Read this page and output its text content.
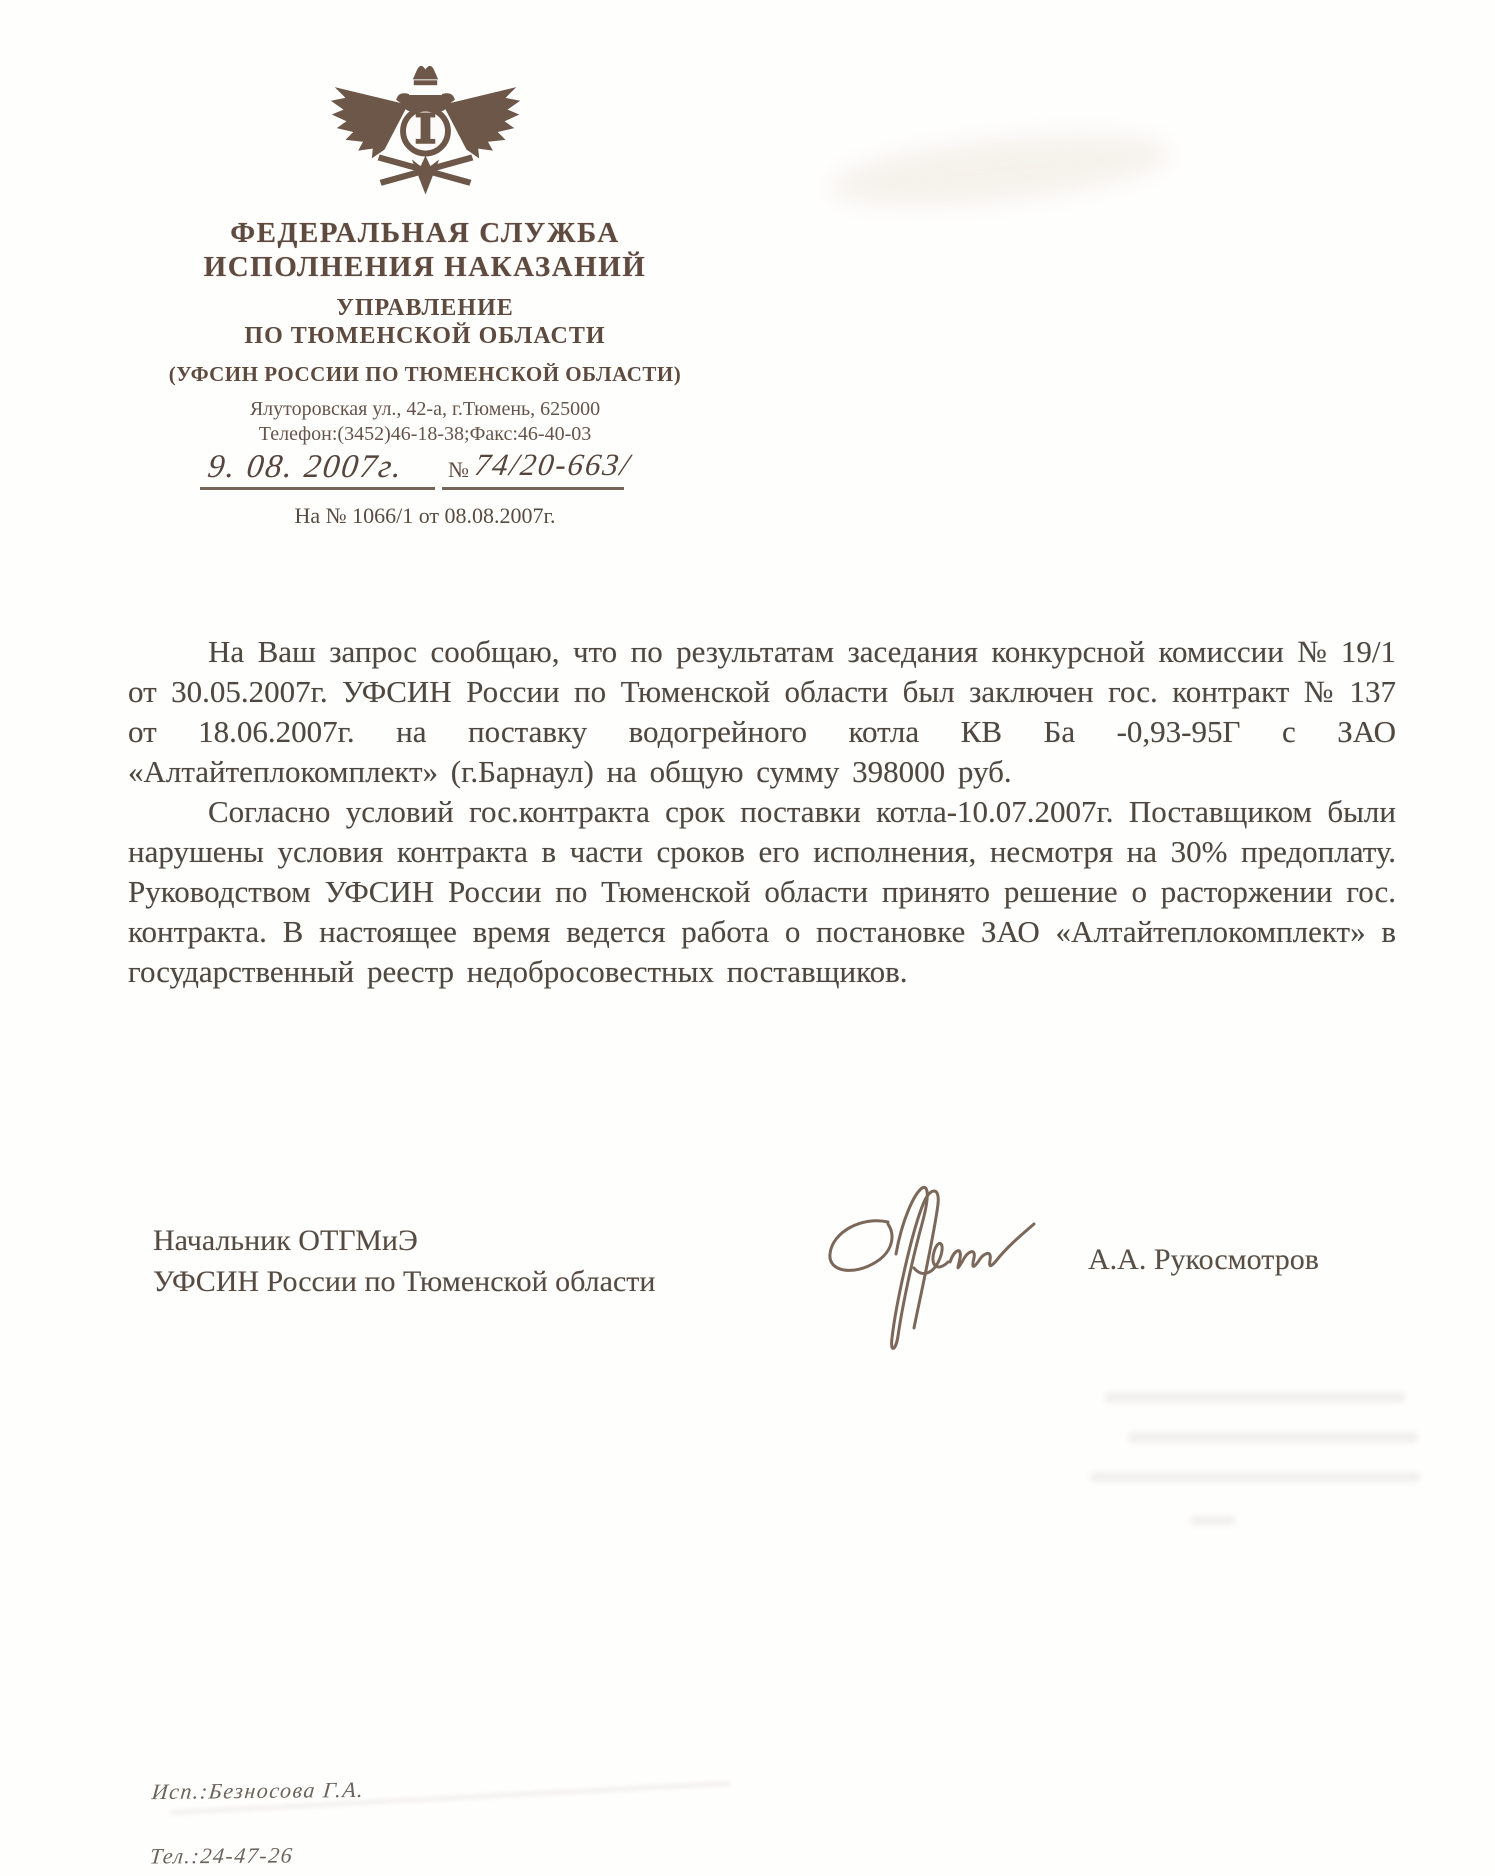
ФЕДЕРАЛЬНАЯ СЛУЖБА
ИСПОЛНЕНИЯ НАКАЗАНИЙ
УПРАВЛЕНИЕ
ПО ТЮМЕНСКОЙ ОБЛАСТИ
(УФСИН РОССИИ ПО ТЮМЕНСКОЙ ОБЛАСТИ)
Ялуторовская ул., 42-а, г.Тюмень, 625000
Телефон:(3452)46-18-38;Факс:46-40-03
9. 08. 2007г. № 74/20-663/
На № 1066/1 от 08.08.2007г.

На Ваш запрос сообщаю, что по результатам заседания конкурсной комиссии № 19/1 от 30.05.2007г. УФСИН России по Тюменской области был заключен гос. контракт № 137 от 18.06.2007г. на поставку водогрейного котла КВ Ба -0,93-95Г с ЗАО «Алтайтеплокомплект» (г.Барнаул) на общую сумму 398000 руб.

Согласно условий гос.контракта срок поставки котла-10.07.2007г. Поставщиком были нарушены условия контракта в части сроков его исполнения, несмотря на 30% предоплату. Руководством УФСИН России по Тюменской области принято решение о расторжении гос. контракта. В настоящее время ведется работа о постановке ЗАО «Алтайтеплокомплект» в государственный реестр недобросовестных поставщиков.

Начальник ОТГМиЭ
УФСИН России по Тюменской области
А.А. Рукосмотров
Исп.:Безносова Г.А.
Тел.:24-47-26
